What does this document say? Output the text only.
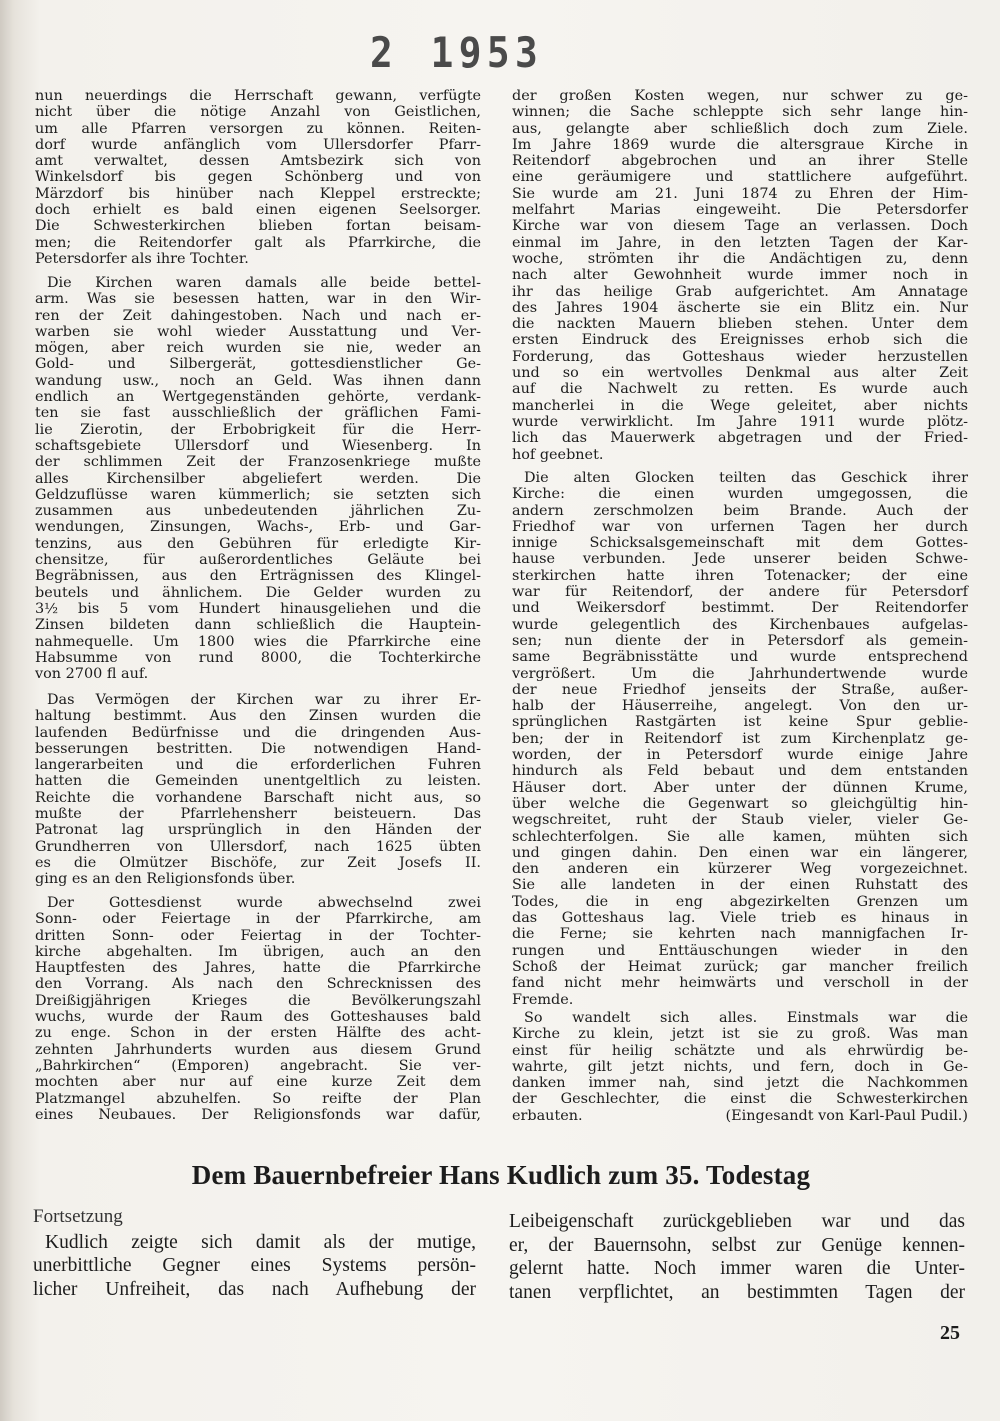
2 1953
nun neuerdings die Herrschaft gewann, verfügte
nicht über die nötige Anzahl von Geistlichen,
um alle Pfarren versorgen zu können. Reiten-
dorf wurde anfänglich vom Ullersdorfer Pfarr-
amt verwaltet, dessen Amtsbezirk sich von
Winkelsdorf bis gegen Schönberg und von
Märzdorf bis hinüber nach Kleppel erstreckte;
doch erhielt es bald einen eigenen Seelsorger.
Die Schwesterkirchen blieben fortan beisam-
men; die Reitendorfer galt als Pfarrkirche, die
Petersdorfer als ihre Tochter.
Die Kirchen waren damals alle beide bettel-
arm. Was sie besessen hatten, war in den Wir-
ren der Zeit dahingestoben. Nach und nach er-
warben sie wohl wieder Ausstattung und Ver-
mögen, aber reich wurden sie nie, weder an
Gold- und Silbergerät, gottesdienstlicher Ge-
wandung usw., noch an Geld. Was ihnen dann
endlich an Wertgegenständen gehörte, verdank-
ten sie fast ausschließlich der gräflichen Fami-
lie Zierotin, der Erbobrigkeit für die Herr-
schaftsgebiete Ullersdorf und Wiesenberg. In
der schlimmen Zeit der Franzosenkriege mußte
alles Kirchensilber abgeliefert werden. Die
Geldzuflüsse waren kümmerlich; sie setzten sich
zusammen aus unbedeutenden jährlichen Zu-
wendungen, Zinsungen, Wachs-, Erb- und Gar-
tenzins, aus den Gebühren für erledigte Kir-
chensitze, für außerordentliches Geläute bei
Begräbnissen, aus den Erträgnissen des Klingel-
beutels und ähnlichem. Die Gelder wurden zu
3½ bis 5 vom Hundert hinausgeliehen und die
Zinsen bildeten dann schließlich die Hauptein-
nahmequelle. Um 1800 wies die Pfarrkirche eine
Habsumme von rund 8000, die Tochterkirche
von 2700 fl auf.
Das Vermögen der Kirchen war zu ihrer Er-
haltung bestimmt. Aus den Zinsen wurden die
laufenden Bedürfnisse und die dringenden Aus-
besserungen bestritten. Die notwendigen Hand-
langerarbeiten und die erforderlichen Fuhren
hatten die Gemeinden unentgeltlich zu leisten.
Reichte die vorhandene Barschaft nicht aus, so
mußte der Pfarrlehensherr beisteuern. Das
Patronat lag ursprünglich in den Händen der
Grundherren von Ullersdorf, nach 1625 übten
es die Olmützer Bischöfe, zur Zeit Josefs II.
ging es an den Religionsfonds über.
Der Gottesdienst wurde abwechselnd zwei
Sonn- oder Feiertage in der Pfarrkirche, am
dritten Sonn- oder Feiertag in der Tochter-
kirche abgehalten. Im übrigen, auch an den
Hauptfesten des Jahres, hatte die Pfarrkirche
den Vorrang. Als nach den Schrecknissen des
Dreißigjährigen Krieges die Bevölkerungszahl
wuchs, wurde der Raum des Gotteshauses bald
zu enge. Schon in der ersten Hälfte des acht-
zehnten Jahrhunderts wurden aus diesem Grund
„Bahrkirchen“ (Emporen) angebracht. Sie ver-
mochten aber nur auf eine kurze Zeit dem
Platzmangel abzuhelfen. So reifte der Plan
eines Neubaues. Der Religionsfonds war dafür,
der großen Kosten wegen, nur schwer zu ge-
winnen; die Sache schleppte sich sehr lange hin-
aus, gelangte aber schließlich doch zum Ziele.
Im Jahre 1869 wurde die altersgraue Kirche in
Reitendorf abgebrochen und an ihrer Stelle
eine geräumigere und stattlichere aufgeführt.
Sie wurde am 21. Juni 1874 zu Ehren der Him-
melfahrt Marias eingeweiht. Die Petersdorfer
Kirche war von diesem Tage an verlassen. Doch
einmal im Jahre, in den letzten Tagen der Kar-
woche, strömten ihr die Andächtigen zu, denn
nach alter Gewohnheit wurde immer noch in
ihr das heilige Grab aufgerichtet. Am Annatage
des Jahres 1904 äscherte sie ein Blitz ein. Nur
die nackten Mauern blieben stehen. Unter dem
ersten Eindruck des Ereignisses erhob sich die
Forderung, das Gotteshaus wieder herzustellen
und so ein wertvolles Denkmal aus alter Zeit
auf die Nachwelt zu retten. Es wurde auch
mancherlei in die Wege geleitet, aber nichts
wurde verwirklicht. Im Jahre 1911 wurde plötz-
lich das Mauerwerk abgetragen und der Fried-
hof geebnet.
Die alten Glocken teilten das Geschick ihrer
Kirche: die einen wurden umgegossen, die
andern zerschmolzen beim Brande. Auch der
Friedhof war von urfernen Tagen her durch
innige Schicksalsgemeinschaft mit dem Gottes-
hause verbunden. Jede unserer beiden Schwe-
sterkirchen hatte ihren Totenacker; der eine
war für Reitendorf, der andere für Petersdorf
und Weikersdorf bestimmt. Der Reitendorfer
wurde gelegentlich des Kirchenbaues aufgelas-
sen; nun diente der in Petersdorf als gemein-
same Begräbnisstätte und wurde entsprechend
vergrößert. Um die Jahrhundertwende wurde
der neue Friedhof jenseits der Straße, außer-
halb der Häuserreihe, angelegt. Von den ur-
sprünglichen Rastgärten ist keine Spur geblie-
ben; der in Reitendorf ist zum Kirchenplatz ge-
worden, der in Petersdorf wurde einige Jahre
hindurch als Feld bebaut und dem entstanden
Häuser dort. Aber unter der dünnen Krume,
über welche die Gegenwart so gleichgültig hin-
wegschreitet, ruht der Staub vieler, vieler Ge-
schlechterfolgen. Sie alle kamen, mühten sich
und gingen dahin. Den einen war ein längerer,
den anderen ein kürzerer Weg vorgezeichnet.
Sie alle landeten in der einen Ruhstatt des
Todes, die in eng abgezirkelten Grenzen um
das Gotteshaus lag. Viele trieb es hinaus in
die Ferne; sie kehrten nach mannigfachen Ir-
rungen und Enttäuschungen wieder in den
Schoß der Heimat zurück; gar mancher freilich
fand nicht mehr heimwärts und verscholl in der
Fremde.
So wandelt sich alles. Einstmals war die
Kirche zu klein, jetzt ist sie zu groß. Was man
einst für heilig schätzte und als ehrwürdig be-
wahrte, gilt jetzt nichts, und fern, doch in Ge-
danken immer nah, sind jetzt die Nachkommen
der Geschlechter, die einst die Schwesterkirchen
erbauten.	(Eingesandt von Karl-Paul Pudil.)
Dem Bauernbefreier Hans Kudlich zum 35. Todestag
Fortsetzung
Kudlich zeigte sich damit als der mutige,
unerbittliche Gegner eines Systems persön-
licher Unfreiheit, das nach Aufhebung der
Leibeigenschaft zurückgeblieben war und das
er, der Bauernsohn, selbst zur Genüge kennen-
gelernt hatte. Noch immer waren die Unter-
tanen verpflichtet, an bestimmten Tagen der
25
